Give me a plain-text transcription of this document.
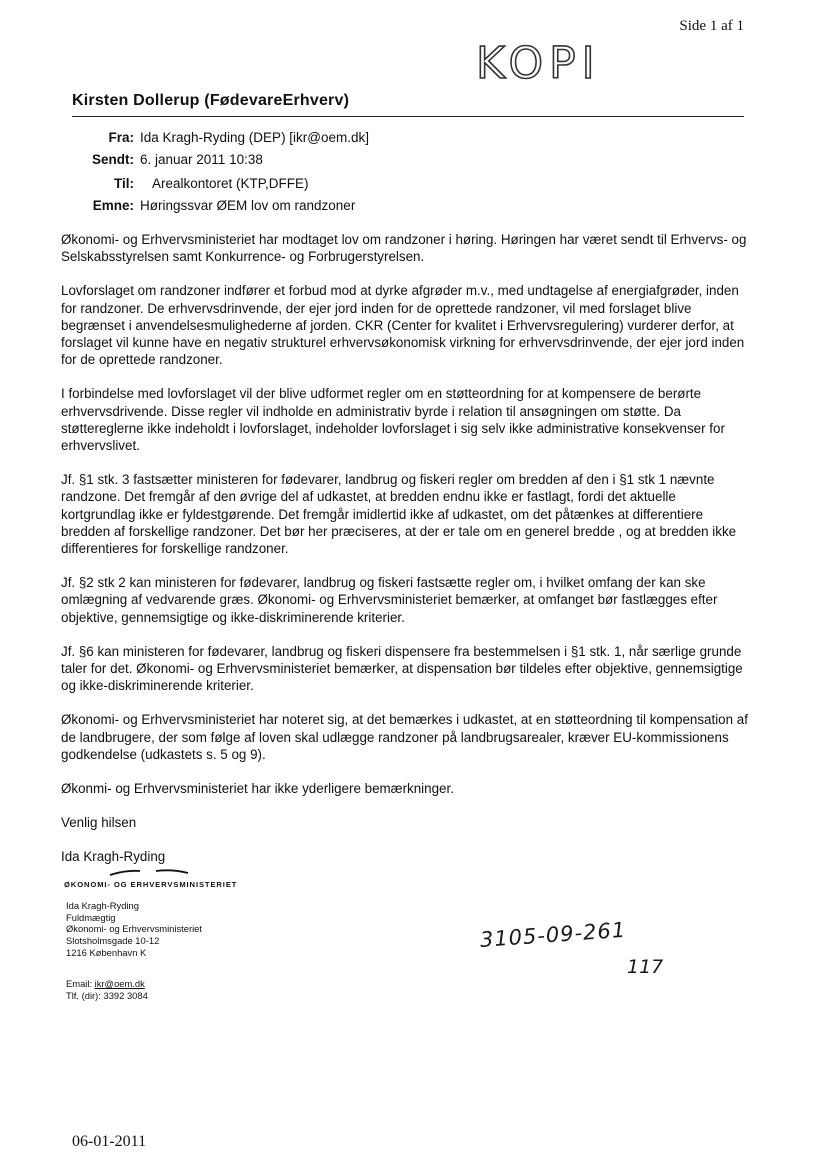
Side 1 af 1
KOPI
Kirsten Dollerup (FødevareErhverv)
Fra: Ida Kragh-Ryding (DEP) [ikr@oem.dk]
Sendt: 6. januar 2011 10:38
Til: Arealkontoret (KTP,DFFE)
Emne: Høringssvar ØEM lov om randzoner

Økonomi- og Erhvervsministeriet har modtaget lov om randzoner i høring. Høringen har været sendt til Erhvervs- og Selskabsstyrelsen samt Konkurrence- og Forbrugerstyrelsen.

Lovforslaget om randzoner indfører et forbud mod at dyrke afgrøder m.v., med undtagelse af energiafgrøder, inden for randzoner. De erhvervsdrinvende, der ejer jord inden for de oprettede randzoner, vil med forslaget blive begrænset i anvendelsesmulighederne af jorden. CKR (Center for kvalitet i Erhvervsregulering) vurderer derfor, at forslaget vil kunne have en negativ strukturel erhvervsøkonomisk virkning for erhvervsdrinvende, der ejer jord inden for de oprettede randzoner.

I forbindelse med lovforslaget vil der blive udformet regler om en støtteordning for at kompensere de berørte erhvervsdrivende. Disse regler vil indholde en administrativ byrde i relation til ansøgningen om støtte. Da støttereglerne ikke indeholdt i lovforslaget, indeholder lovforslaget i sig selv ikke administrative konsekvenser for erhvervslivet.

Jf. §1 stk. 3 fastsætter ministeren for fødevarer, landbrug og fiskeri regler om bredden af den i §1 stk 1 nævnte randzone. Det fremgår af den øvrige del af udkastet, at bredden endnu ikke er fastlagt, fordi det aktuelle kortgrundlag ikke er fyldestgørende. Det fremgår imidlertid ikke af udkastet, om det påtænkes at differentiere bredden af forskellige randzoner. Det bør her præciseres, at der er tale om en generel bredde , og at bredden ikke differentieres for forskellige randzoner.

Jf. §2 stk 2 kan ministeren for fødevarer, landbrug og fiskeri fastsætte regler om, i hvilket omfang der kan ske omlægning af vedvarende græs. Økonomi- og Erhvervsministeriet bemærker, at omfanget bør fastlægges efter objektive, gennemsigtige og ikke-diskriminerende kriterier.

Jf. §6 kan ministeren for fødevarer, landbrug og fiskeri dispensere fra bestemmelsen i §1 stk. 1, når særlige grunde taler for det. Økonomi- og Erhvervsministeriet bemærker, at dispensation bør tildeles efter objektive, gennemsigtige og ikke-diskriminerende kriterier.

Økonomi- og Erhvervsministeriet har noteret sig, at det bemærkes i udkastet, at en støtteordning til kompensation af de landbrugere, der som følge af loven skal udlægge randzoner på landbrugsarealer, kræver EU-kommissionens godkendelse (udkastets s. 5 og 9).

Økonmi- og Erhvervsministeriet har ikke yderligere bemærkninger.

Venlig hilsen

Ida Kragh-Ryding

ØKONOMI- OG ERHVERVSMINISTERIET
Ida Kragh-Ryding
Fuldmægtig
Økonomi- og Erhvervsministeriet
Slotsholmsgade 10-12
1216 København K
Email: ikr@oem.dk
Tlf. (dir): 3392 3084
3105-09-261
117
06-01-2011
